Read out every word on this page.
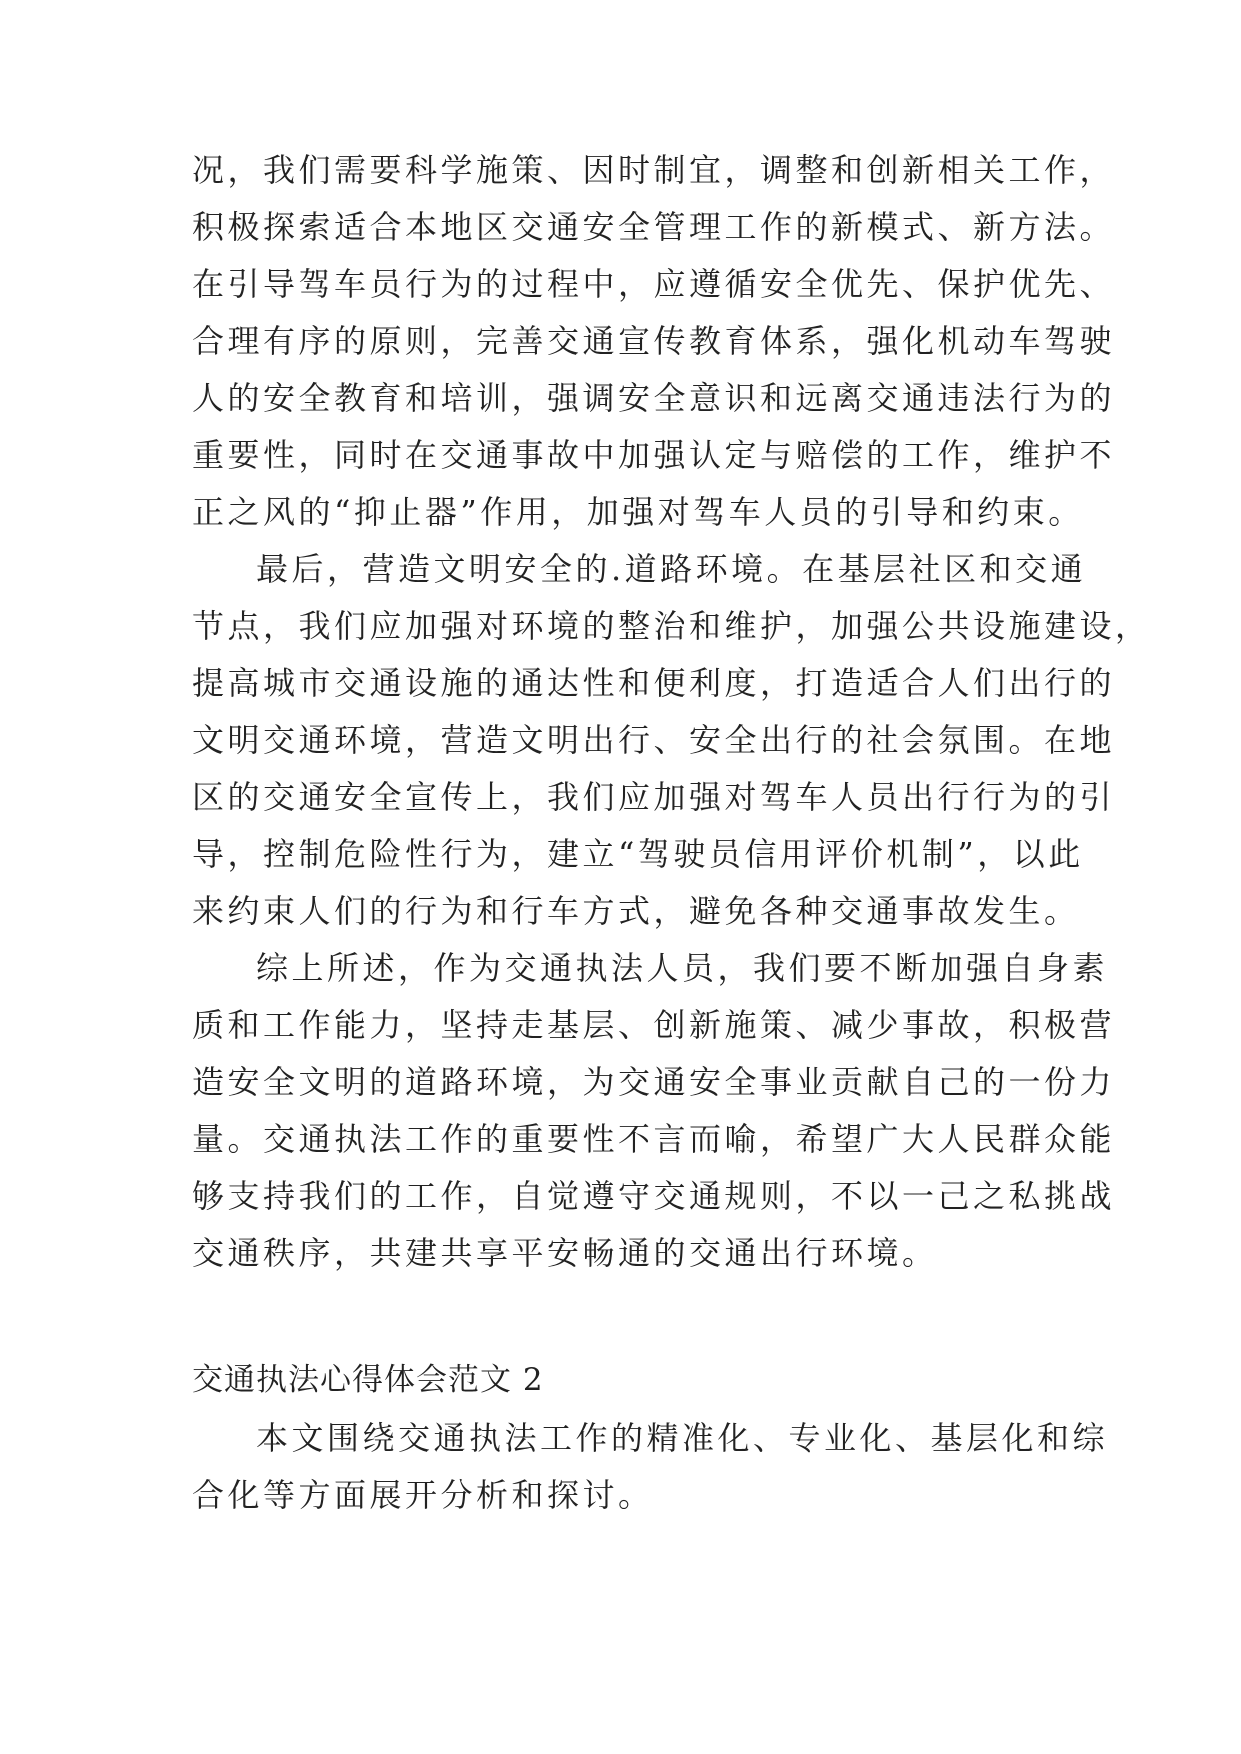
况，我们需要科学施策、因时制宜，调整和创新相关工作，
积极探索适合本地区交通安全管理工作的新模式、新方法。
在引导驾车员行为的过程中，应遵循安全优先、保护优先、
合理有序的原则，完善交通宣传教育体系，强化机动车驾驶
人的安全教育和培训，强调安全意识和远离交通违法行为的
重要性，同时在交通事故中加强认定与赔偿的工作，维护不
正之风的“抑止器”作用，加强对驾车人员的引导和约束。
最后，营造文明安全的.道路环境。在基层社区和交通
节点，我们应加强对环境的整治和维护，加强公共设施建设，
提高城市交通设施的通达性和便利度，打造适合人们出行的
文明交通环境，营造文明出行、安全出行的社会氛围。在地
区的交通安全宣传上，我们应加强对驾车人员出行行为的引
导，控制危险性行为，建立“驾驶员信用评价机制”，以此
来约束人们的行为和行车方式，避免各种交通事故发生。
综上所述，作为交通执法人员，我们要不断加强自身素
质和工作能力，坚持走基层、创新施策、减少事故，积极营
造安全文明的道路环境，为交通安全事业贡献自己的一份力
量。交通执法工作的重要性不言而喻，希望广大人民群众能
够支持我们的工作，自觉遵守交通规则，不以一己之私挑战
交通秩序，共建共享平安畅通的交通出行环境。
交通执法心得体会范文 2
本文围绕交通执法工作的精准化、专业化、基层化和综
合化等方面展开分析和探讨。
